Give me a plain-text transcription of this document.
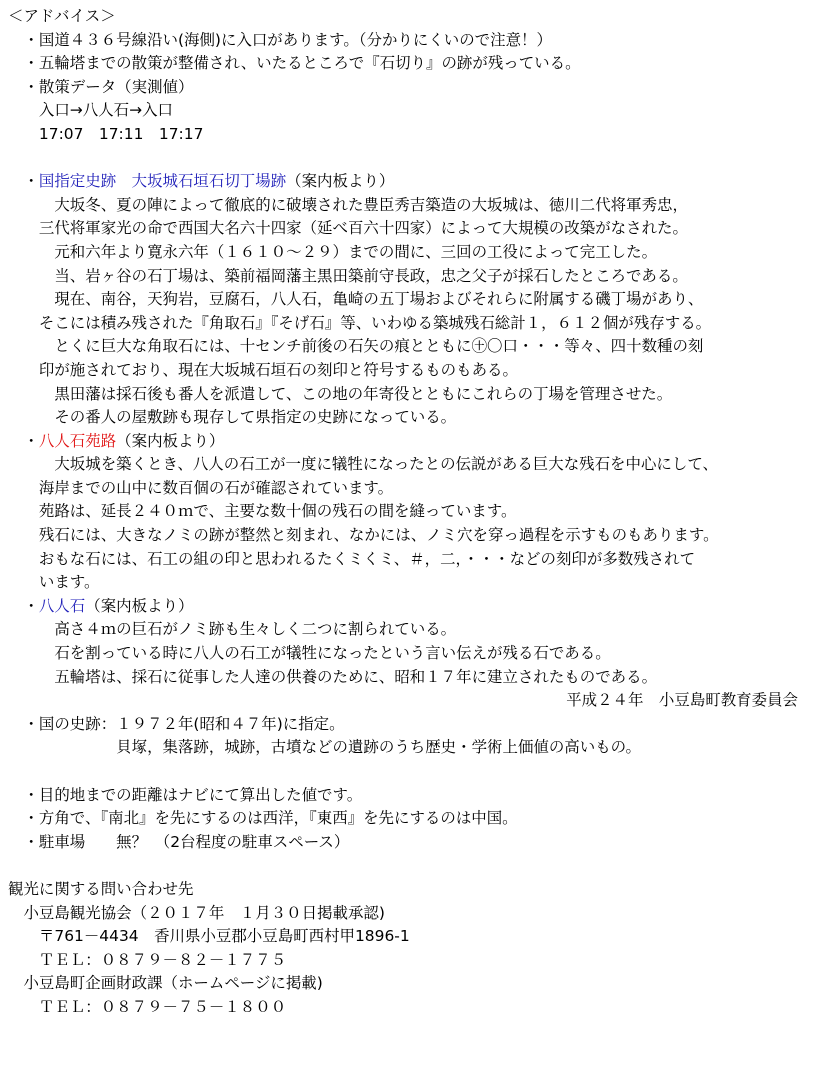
＜アドバイス＞
　・国道４３６号線沿い(海側)に入口があります。（分かりにくいので注意！）
　・五輪塔までの散策が整備され、いたるところで『石切り』の跡が残っている。
　・散策データ（実測値）
　　入口→八人石→入口
　　17:07　17:11　17:17
　・国指定史跡　大坂城石垣石切丁場跡（案内板より）
　　　大坂冬、夏の陣によって徹底的に破壊された豊臣秀吉築造の大坂城は、徳川二代将軍秀忠，
　　三代将軍家光の命で西国大名六十四家（延べ百六十四家）によって大規模の改築がなされた。
　　　元和六年より寛永六年（１６１０～２９）までの間に、三回の工役によって完工した。
　　　当、岩ヶ谷の石丁場は、築前福岡藩主黒田築前守長政，忠之父子が採石したところである。
　　　現在、南谷，天狗岩，豆腐石，八人石，亀崎の五丁場およびそれらに附属する磯丁場があり、
　　そこには積み残された『角取石』『そげ石』等、いわゆる築城残石総計１，６１２個が残存する。
　　　とくに巨大な角取石には、十センチ前後の石矢の痕とともに㊉〇口・・・等々、四十数種の刻
　　印が施されており、現在大坂城石垣石の刻印と符号するものもある。
　　　黒田藩は採石後も番人を派遣して、この地の年寄役とともにこれらの丁場を管理させた。
　　　その番人の屋敷跡も現存して県指定の史跡になっている。
　・八人石苑路（案内板より）
　　　大坂城を築くとき、八人の石工が一度に犠牲になったとの伝説がある巨大な残石を中心にして、
　　海岸までの山中に数百個の石が確認されています。
　　苑路は、延長２４０ｍで、主要な数十個の残石の間を縫っています。
　　残石には、大きなノミの跡が整然と刻まれ、なかには、ノミ穴を穿っ過程を示すものもあります。
　　おもな石には、石工の組の印と思われるたくミくミ、＃，二，・・・などの刻印が多数残されて
　　います。
　・八人石（案内板より）
　　　高さ４ｍの巨石がノミ跡も生々しく二つに割られている。
　　　石を割っている時に八人の石工が犠牲になったという言い伝えが残る石である。
　　　五輪塔は、採石に従事した人達の供養のために、昭和１７年に建立されたものである。
平成２４年　小豆島町教育委員会
　・国の史跡：１９７２年(昭和４７年)に指定。
　　　　　　　貝塚，集落跡，城跡，古墳などの遺跡のうち歴史・学術上価値の高いもの。
　・目的地までの距離はナビにて算出した値です。
　・方角で、『南北』を先にするのは西洋，『東西』を先にするのは中国。
　・駐車場　　無？　（2台程度の駐車スペース）
観光に関する問い合わせ先
　小豆島観光協会（２０１７年　１月３０日掲載承認)
　　〒761－4434　香川県小豆郡小豆島町西村甲1896-1
　　ＴＥＬ：０８７９－８２－１７７５
　小豆島町企画財政課（ホームページに掲載)
　　ＴＥＬ：０８７９－７５－１８００
